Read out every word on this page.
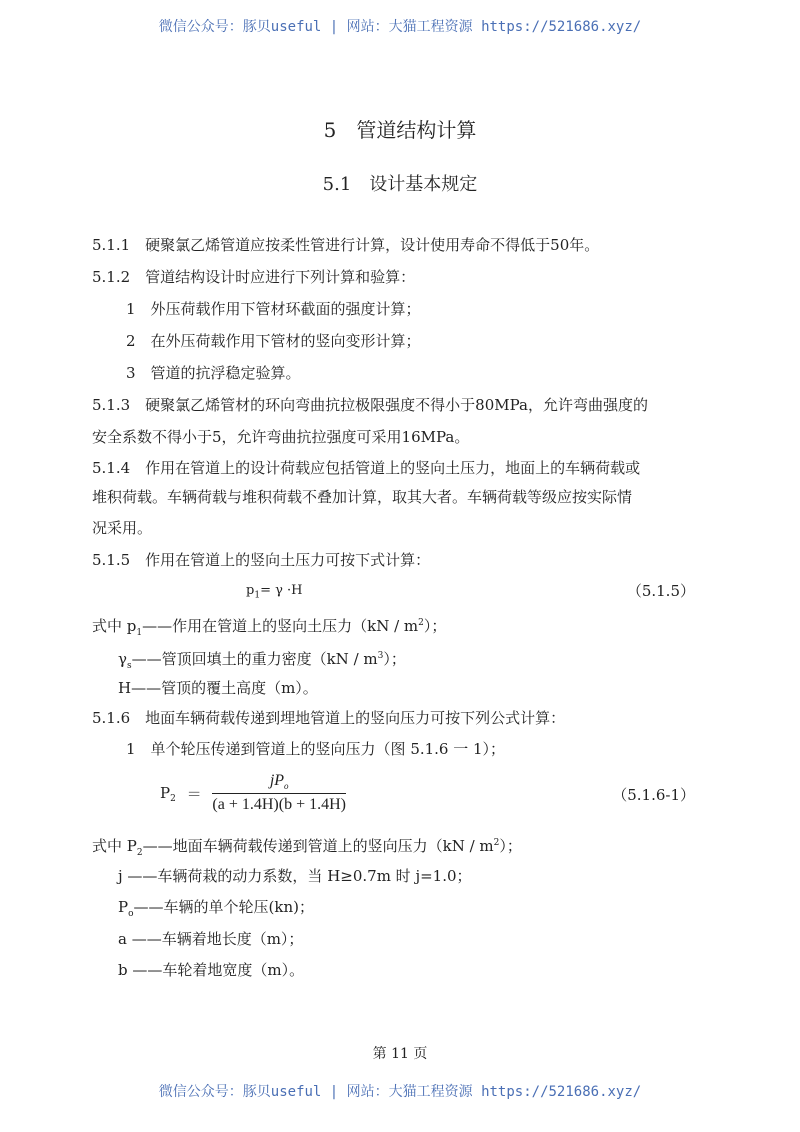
微信公众号：豚贝useful | 网站：大猫工程资源 https://521686.xyz/
5　管道结构计算
5.1　设计基本规定
5.1.1　硬聚氯乙烯管道应按柔性管进行计算，设计使用寿命不得低于50年。
5.1.2　管道结构设计时应进行下列计算和验算：
1　外压荷载作用下管材环截面的强度计算；
2　在外压荷载作用下管材的竖向变形计算；
3　管道的抗浮稳定验算。
5.1.3　硬聚氯乙烯管材的环向弯曲抗拉极限强度不得小于80MPa，允许弯曲强度的
安全系数不得小于5，允许弯曲抗拉强度可采用16MPa。
5.1.4　作用在管道上的设计荷载应包括管道上的竖向土压力，地面上的车辆荷载或
堆积荷载。车辆荷载与堆积荷载不叠加计算，取其大者。车辆荷载等级应按实际情
况采用。
5.1.5　作用在管道上的竖向土压力可按下式计算：
$p_1= \gamma \cdot H$	（5.1.5）
式中 $p_1——$作用在管道上的竖向土压力$(kN / m^2)$；
$\gamma_s——$管顶回填土的重力密度$(kN / m^3)$；
H——管顶的覆土高度（m）。
5.1.6　地面车辆荷载传递到埋地管道上的竖向压力可按下列公式计算：
1　单个轮压传递到管道上的竖向压力（图 5.1.6 一 1）；
$P_2 = \frac{jP_o}{(a + 1.4H)(b + 1.4H)}$	（5.1.6-1）
式中 $P_2——$地面车辆荷载传递到管道上的竖向压力$(kN / m^2)$；
j ——车辆荷栽的动力系数，当 H≥0.7m 时 j=1.0；
$P_o——$车辆的单个轮压(kn)；
a ——车辆着地长度（m）；
b ——车轮着地宽度（m）。
第 11 页
微信公众号：豚贝useful | 网站：大猫工程资源 https://521686.xyz/
